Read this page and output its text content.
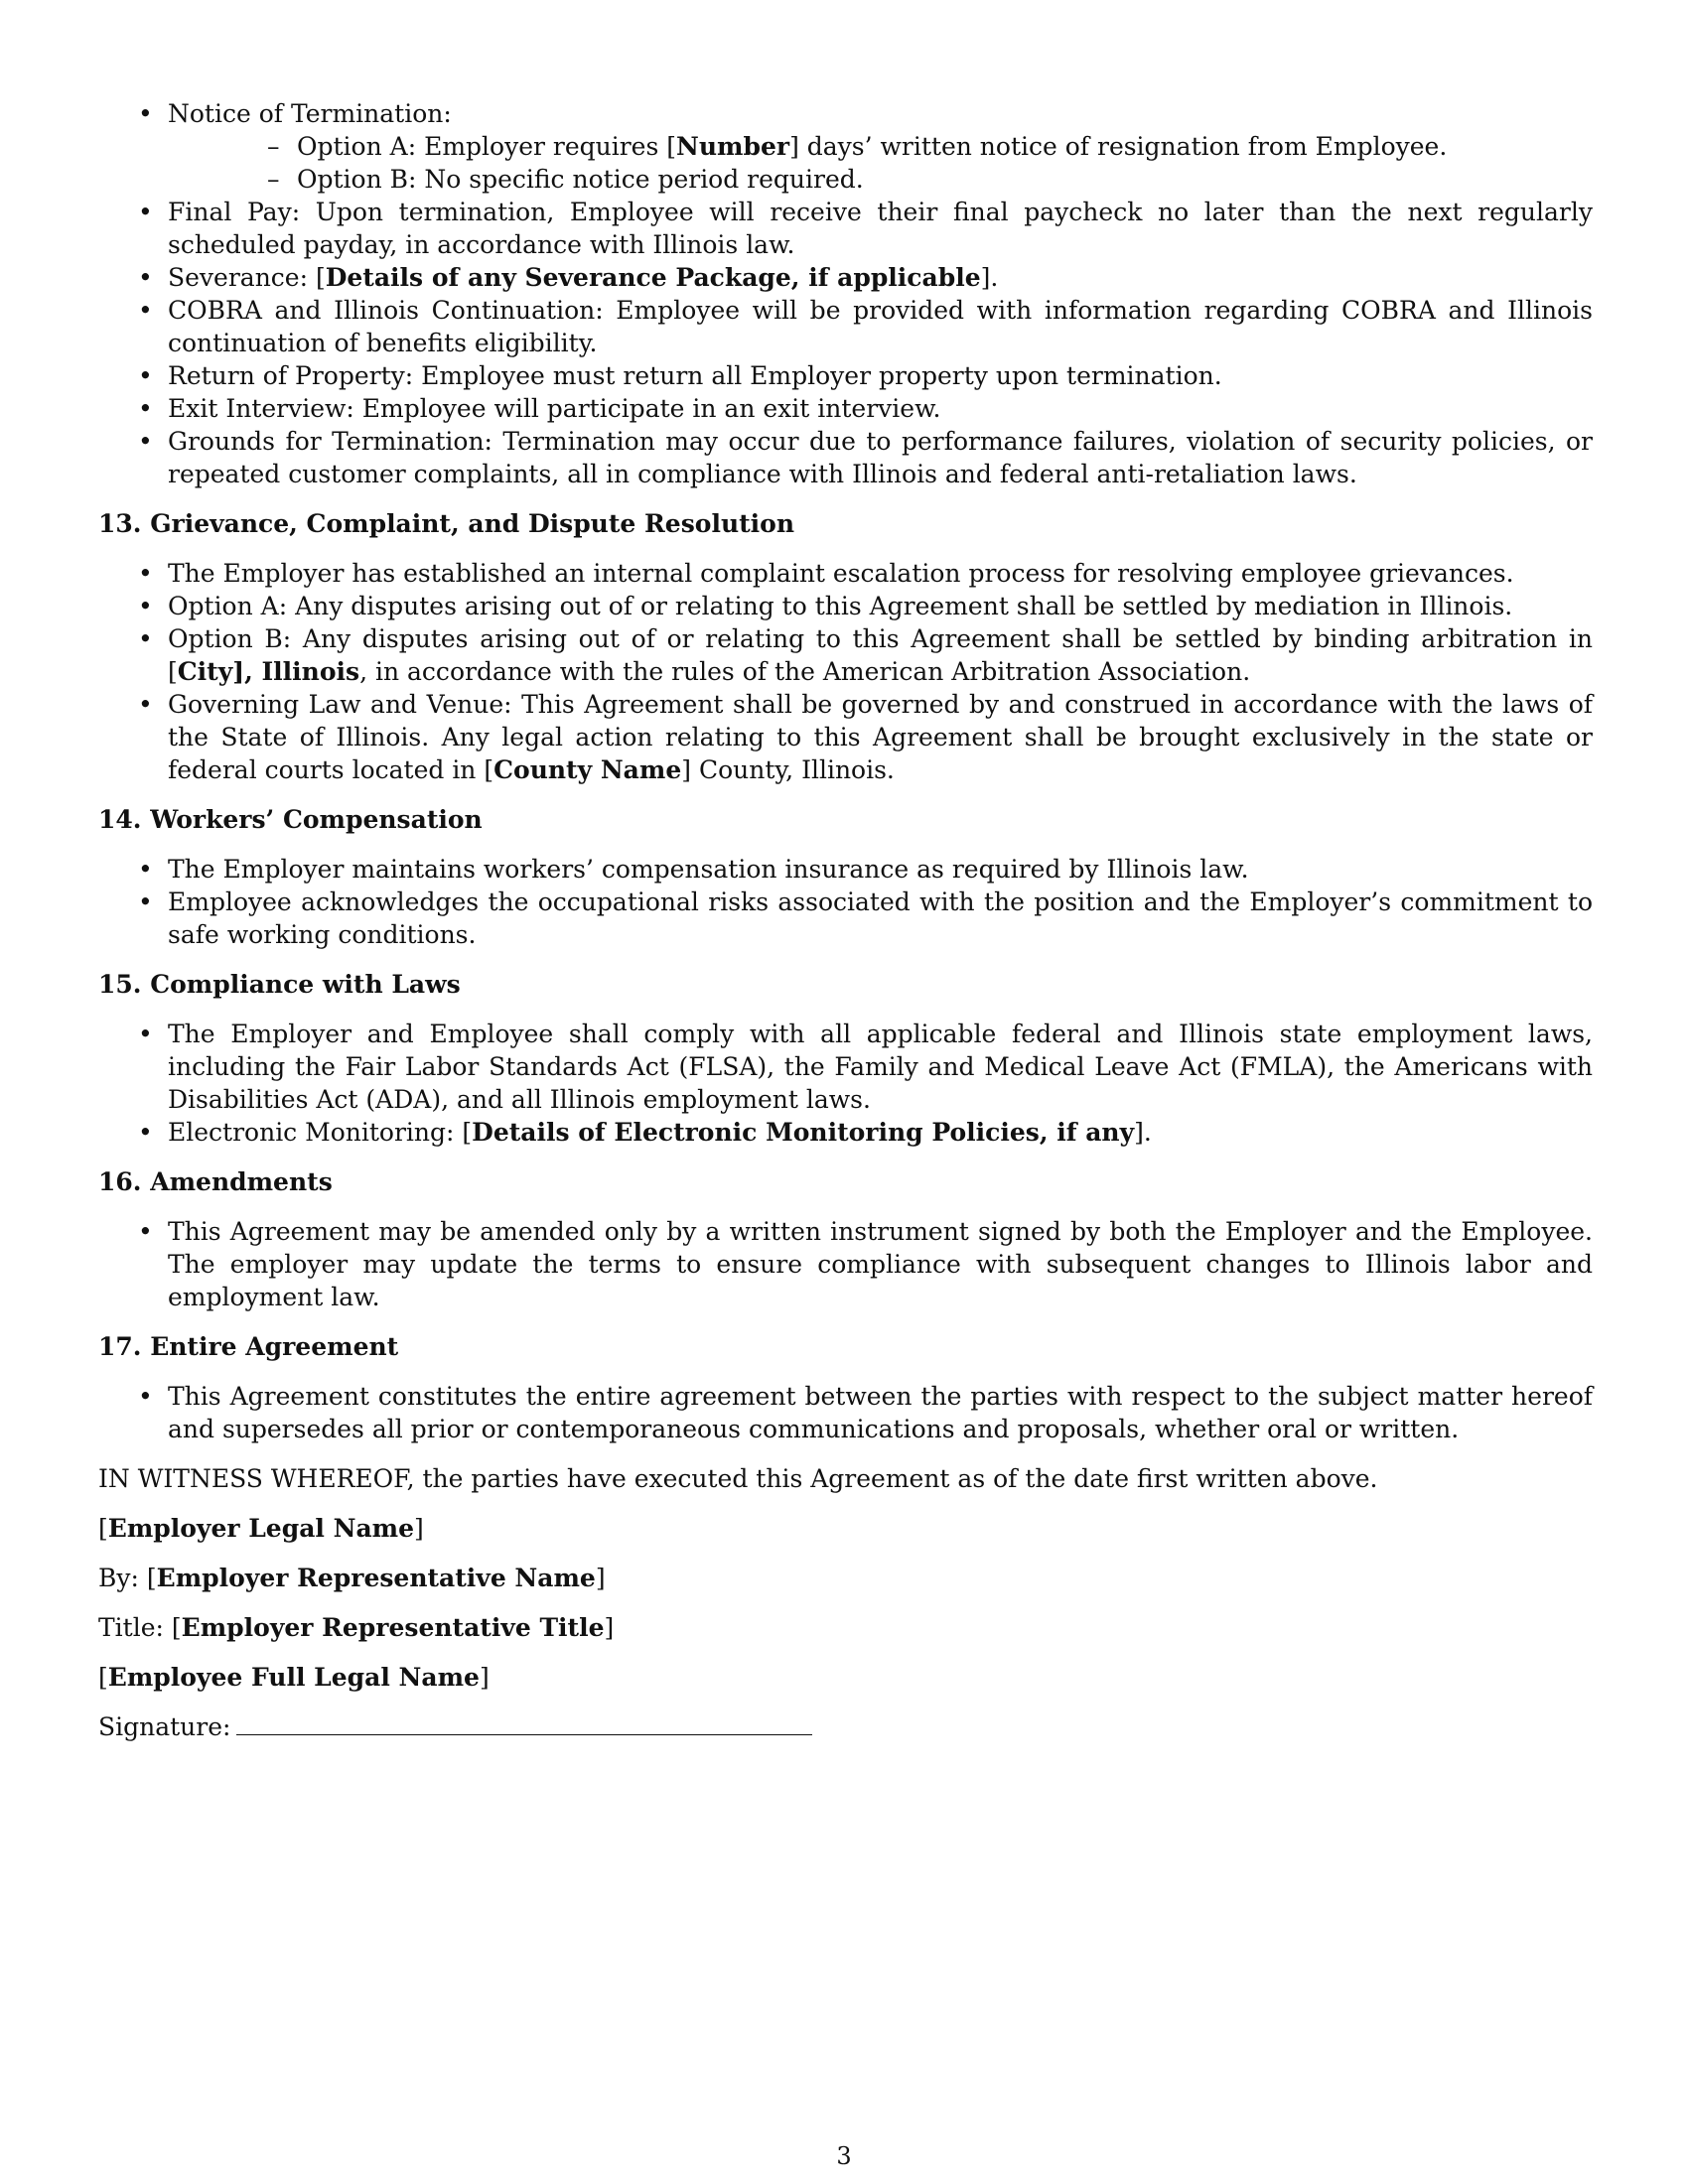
• Notice of Termination:
– Option A: Employer requires [Number] days’ written notice of resignation from Employee.
– Option B: No specific notice period required.
• Final Pay: Upon termination, Employee will receive their final paycheck no later than the next regularly scheduled payday, in accordance with Illinois law.
• Severance: [Details of any Severance Package, if applicable].
• COBRA and Illinois Continuation: Employee will be provided with information regarding COBRA and Illinois continuation of benefits eligibility.
• Return of Property: Employee must return all Employer property upon termination.
• Exit Interview: Employee will participate in an exit interview.
• Grounds for Termination: Termination may occur due to performance failures, violation of security policies, or repeated customer complaints, all in compliance with Illinois and federal anti-retaliation laws.
13. Grievance, Complaint, and Dispute Resolution
• The Employer has established an internal complaint escalation process for resolving employee grievances.
• Option A: Any disputes arising out of or relating to this Agreement shall be settled by mediation in Illinois.
• Option B: Any disputes arising out of or relating to this Agreement shall be settled by binding arbitration in [City], Illinois, in accordance with the rules of the American Arbitration Association.
• Governing Law and Venue: This Agreement shall be governed by and construed in accordance with the laws of the State of Illinois. Any legal action relating to this Agreement shall be brought exclusively in the state or federal courts located in [County Name] County, Illinois.
14. Workers’ Compensation
• The Employer maintains workers’ compensation insurance as required by Illinois law.
• Employee acknowledges the occupational risks associated with the position and the Employer’s commitment to safe working conditions.
15. Compliance with Laws
• The Employer and Employee shall comply with all applicable federal and Illinois state employment laws, including the Fair Labor Standards Act (FLSA), the Family and Medical Leave Act (FMLA), the Americans with Disabilities Act (ADA), and all Illinois employment laws.
• Electronic Monitoring: [Details of Electronic Monitoring Policies, if any].
16. Amendments
• This Agreement may be amended only by a written instrument signed by both the Employer and the Employee. The employer may update the terms to ensure compliance with subsequent changes to Illinois labor and employment law.
17. Entire Agreement
• This Agreement constitutes the entire agreement between the parties with respect to the subject matter hereof and supersedes all prior or contemporaneous communications and proposals, whether oral or written.
IN WITNESS WHEREOF, the parties have executed this Agreement as of the date first written above.
[Employer Legal Name]
By: [Employer Representative Name]
Title: [Employer Representative Title]
[Employee Full Legal Name]
Signature:
3
